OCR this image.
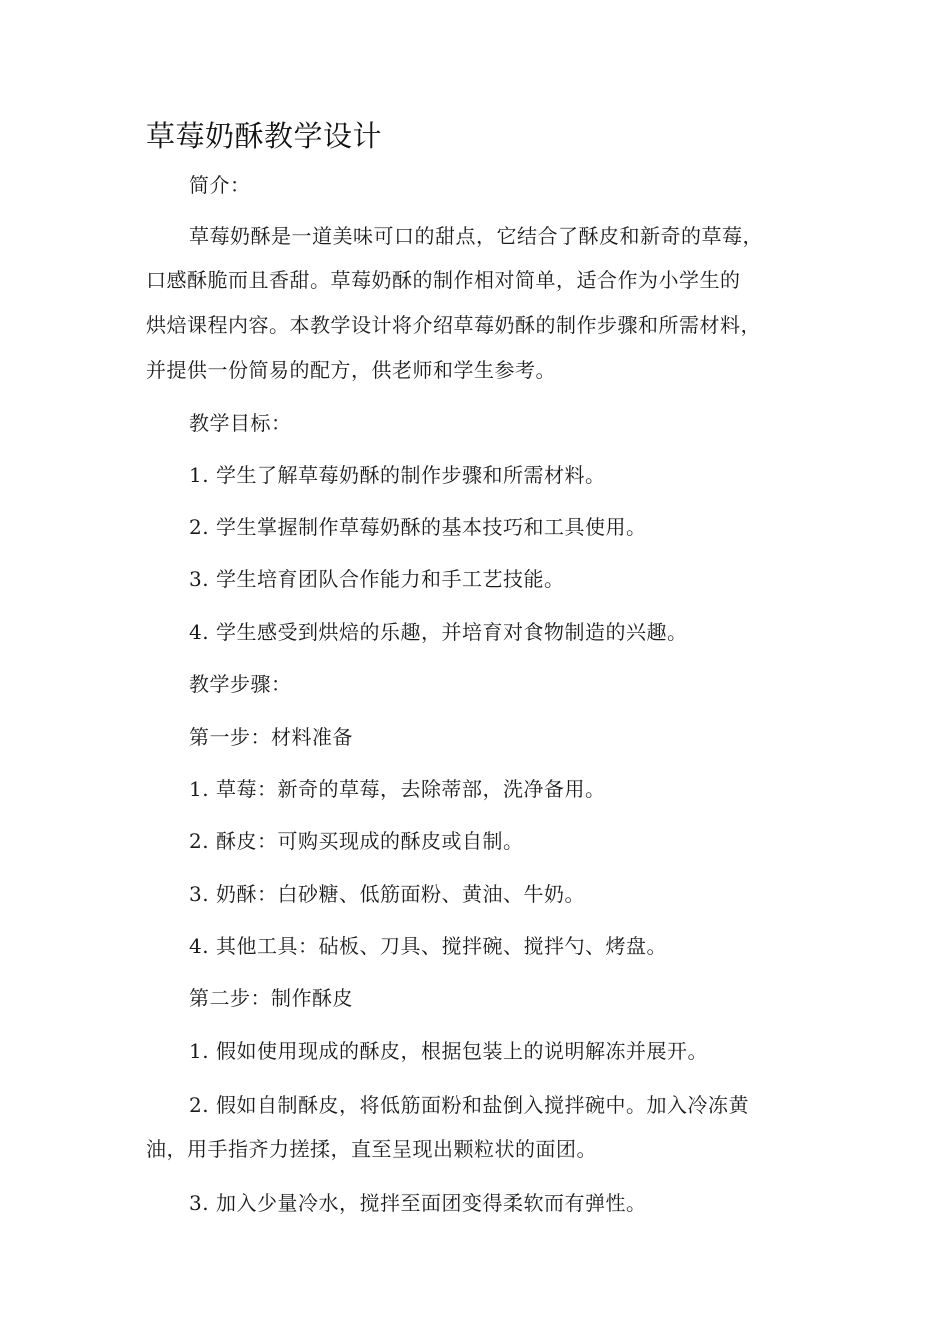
草莓奶酥教学设计

简介：

草莓奶酥是一道美味可口的甜点，它结合了酥皮和新奇的草莓，

口感酥脆而且香甜。草莓奶酥的制作相对简单，适合作为小学生的

烘焙课程内容。本教学设计将介绍草莓奶酥的制作步骤和所需材料，

并提供一份简易的配方，供老师和学生参考。

教学目标：

1. 学生了解草莓奶酥的制作步骤和所需材料。

2. 学生掌握制作草莓奶酥的基本技巧和工具使用。

3. 学生培育团队合作能力和手工艺技能。

4. 学生感受到烘焙的乐趣，并培育对食物制造的兴趣。

教学步骤：

第一步：材料准备

1. 草莓：新奇的草莓，去除蒂部，洗净备用。

2. 酥皮：可购买现成的酥皮或自制。

3. 奶酥：白砂糖、低筋面粉、黄油、牛奶。

4. 其他工具：砧板、刀具、搅拌碗、搅拌勺、烤盘。

第二步：制作酥皮

1. 假如使用现成的酥皮，根据包装上的说明解冻并展开。

2. 假如自制酥皮，将低筋面粉和盐倒入搅拌碗中。加入冷冻黄

油，用手指齐力搓揉，直至呈现出颗粒状的面团。

3. 加入少量冷水，搅拌至面团变得柔软而有弹性。
